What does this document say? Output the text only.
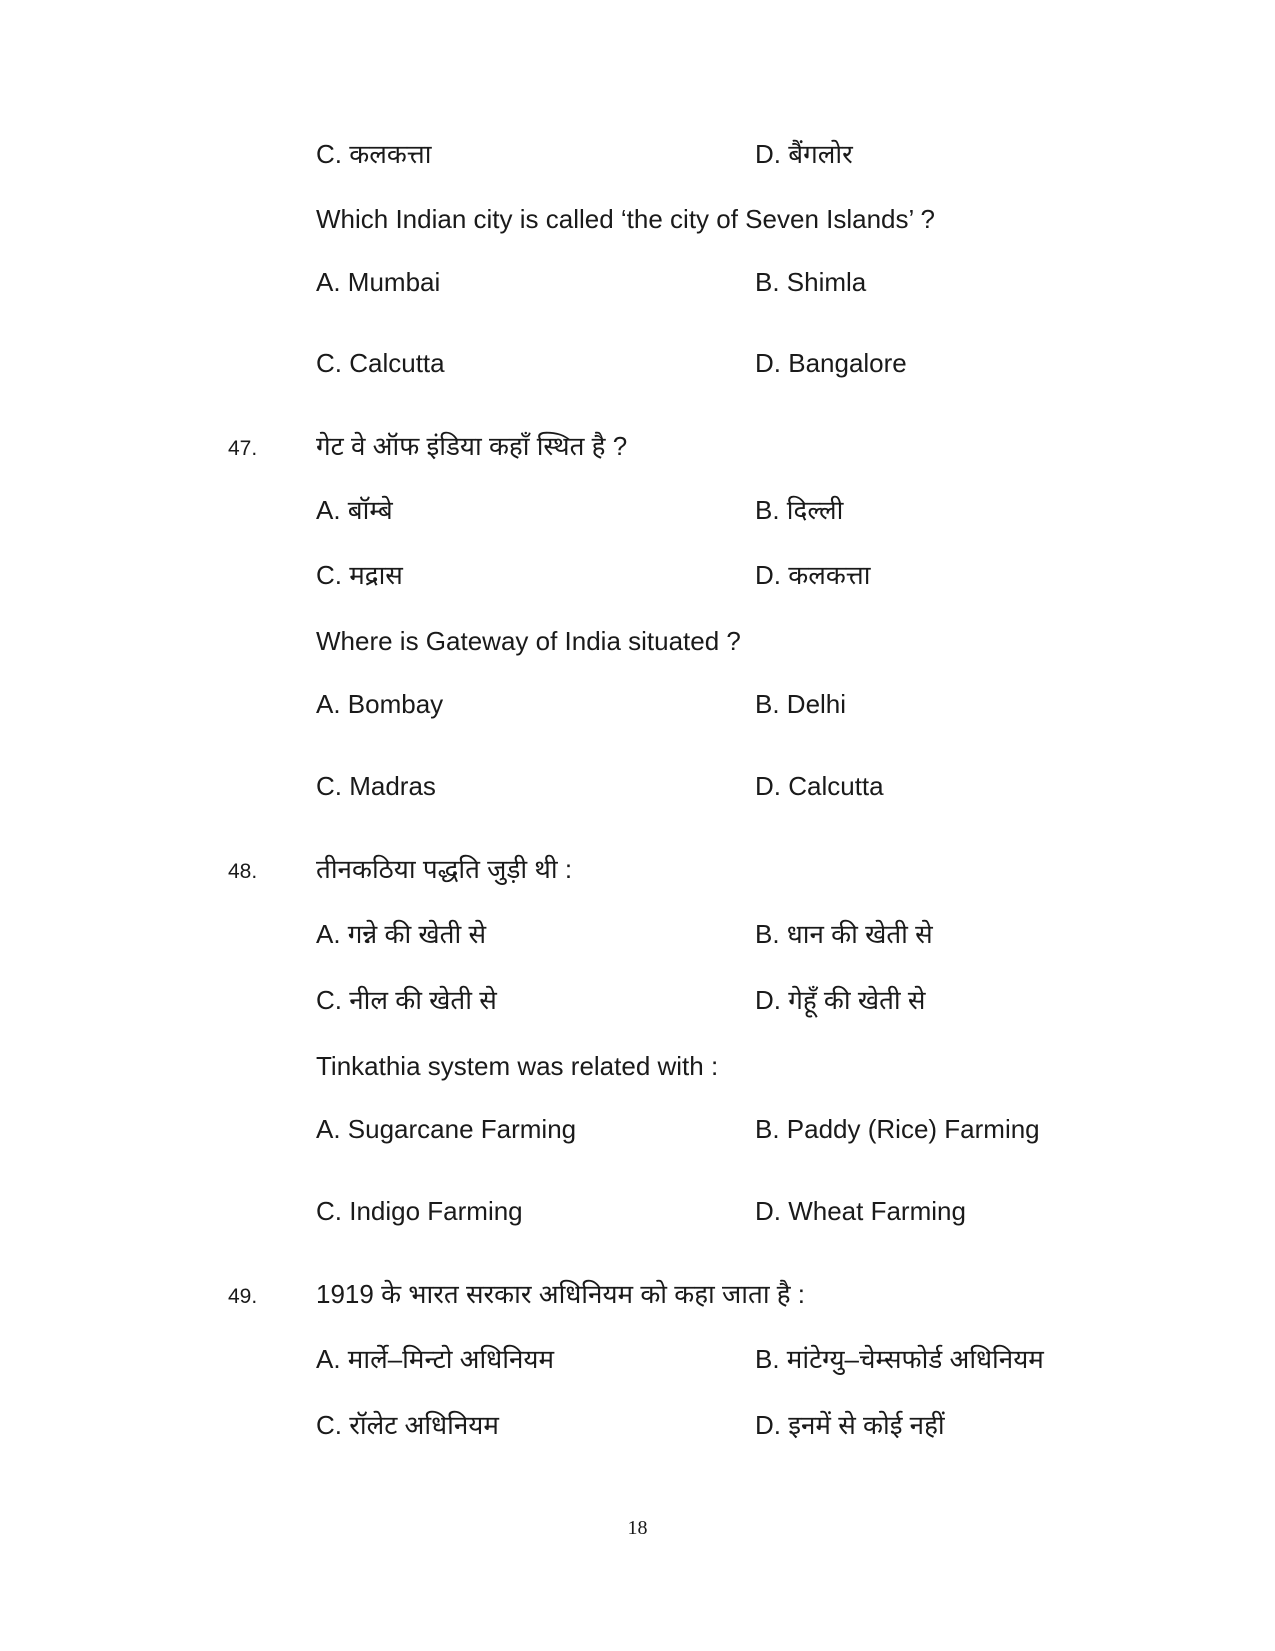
C. कलकत्ता	D. बैंगलोर
Which Indian city is called ‘the city of Seven Islands’ ?
A. Mumbai	B. Shimla
C. Calcutta	D. Bangalore
47. गेट वे ऑफ इंडिया कहाँ स्थित है ?
A. बॉम्बे	B. दिल्ली
C. मद्रास	D. कलकत्ता
Where is Gateway of India situated ?
A. Bombay	B. Delhi
C. Madras	D. Calcutta
48. तीनकठिया पद्धति जुड़ी थी :
A. गन्ने की खेती से	B. धान की खेती से
C. नील की खेती से	D. गेहूँ की खेती से
Tinkathia system was related with :
A. Sugarcane Farming	B. Paddy (Rice) Farming
C. Indigo Farming	D. Wheat Farming
49. 1919 के भारत सरकार अधिनियम को कहा जाता है :
A. मार्ले–मिन्टो अधिनियम	B. मांटेग्यु–चेम्सफोर्ड अधिनियम
C. रॉलेट अधिनियम	D. इनमें से कोई नहीं
18
